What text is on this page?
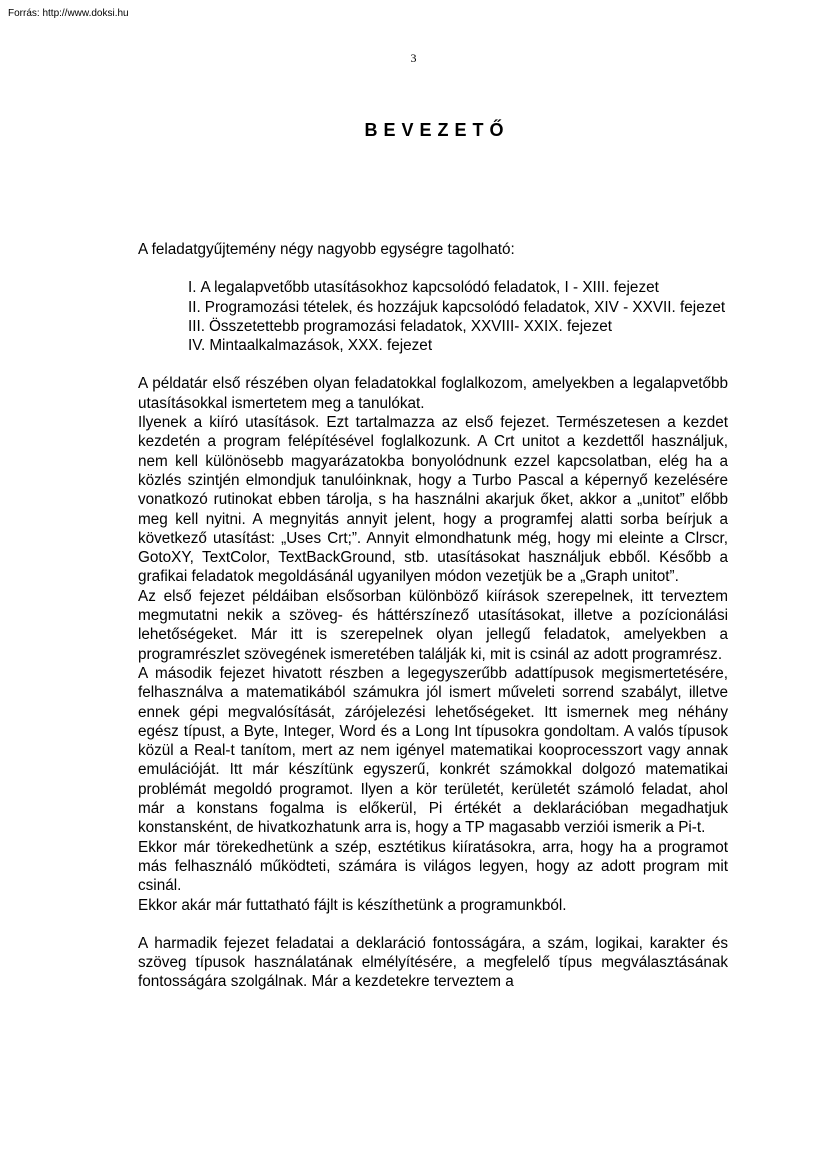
Forrás: http://www.doksi.hu
3
BEVEZETŐ

A feladatgyűjtemény négy nagyobb egységre tagolható:

I. A legalapvetőbb utasításokhoz kapcsolódó feladatok, I - XIII. fejezet
II. Programozási tételek, és hozzájuk kapcsolódó feladatok, XIV - XXVII. fejezet
III. Összetettebb programozási feladatok, XXVIII- XXIX. fejezet
IV. Mintaalkalmazások, XXX. fejezet

A példatár első részében olyan feladatokkal foglalkozom, amelyekben a legalapvetőbb utasításokkal ismertetem meg a tanulókat.

Ilyenek a kiíró utasítások. Ezt tartalmazza az első fejezet. Természetesen a kezdet kezdetén a program felépítésével foglalkozunk. A Crt unitot a kezdettől használjuk, nem kell különösebb magyarázatokba bonyolódnunk ezzel kapcsolatban, elég ha a közlés szintjén elmondjuk tanulóinknak, hogy a Turbo Pascal a képernyő kezelésére vonatkozó rutinokat ebben tárolja, s ha használni akarjuk őket, akkor a „unitot” előbb meg kell nyitni. A megnyitás annyit jelent, hogy a programfej alatti sorba beírjuk a következő utasítást: „Uses Crt;”. Annyit elmondhatunk még, hogy mi eleinte a Clrscr, GotoXY, TextColor, TextBackGround, stb. utasításokat használjuk ebből. Később a grafikai feladatok megoldásánál ugyanilyen módon vezetjük be a „Graph unitot”.

Az első fejezet példáiban elsősorban különböző kiírások szerepelnek, itt terveztem megmutatni nekik a szöveg- és háttérszínező utasításokat, illetve a pozícionálási lehetőségeket. Már itt is szerepelnek olyan jellegű feladatok, amelyekben a programrészlet szövegének ismeretében találják ki, mit is csinál az adott programrész.

A második fejezet hivatott részben a legegyszerűbb adattípusok megismertetésére, felhasználva a matematikából számukra jól ismert műveleti sorrend szabályt, illetve ennek gépi megvalósítását, zárójelezési lehetőségeket. Itt ismernek meg néhány egész típust, a Byte, Integer, Word és a Long Int típusokra gondoltam. A valós típusok közül a Real-t tanítom, mert az nem igényel matematikai kooprocesszort vagy annak emulációját. Itt már készítünk egyszerű, konkrét számokkal dolgozó matematikai problémát megoldó programot. Ilyen a kör területét, kerületét számoló feladat, ahol már a konstans fogalma is előkerül, Pi értékét a deklarációban megadhatjuk konstansként, de hivatkozhatunk arra is, hogy a TP magasabb verziói ismerik a Pi-t.

Ekkor már törekedhetünk a szép, esztétikus kiíratásokra, arra, hogy ha a programot más felhasználó működteti, számára is világos legyen, hogy az adott program mit csinál.

Ekkor akár már futtatható fájlt is készíthetünk a programunkból.

A harmadik fejezet feladatai a deklaráció fontosságára, a szám, logikai, karakter és szöveg típusok használatának elmélyítésére, a megfelelő típus megválasztásának fontosságára szolgálnak. Már a kezdetekre terveztem a
